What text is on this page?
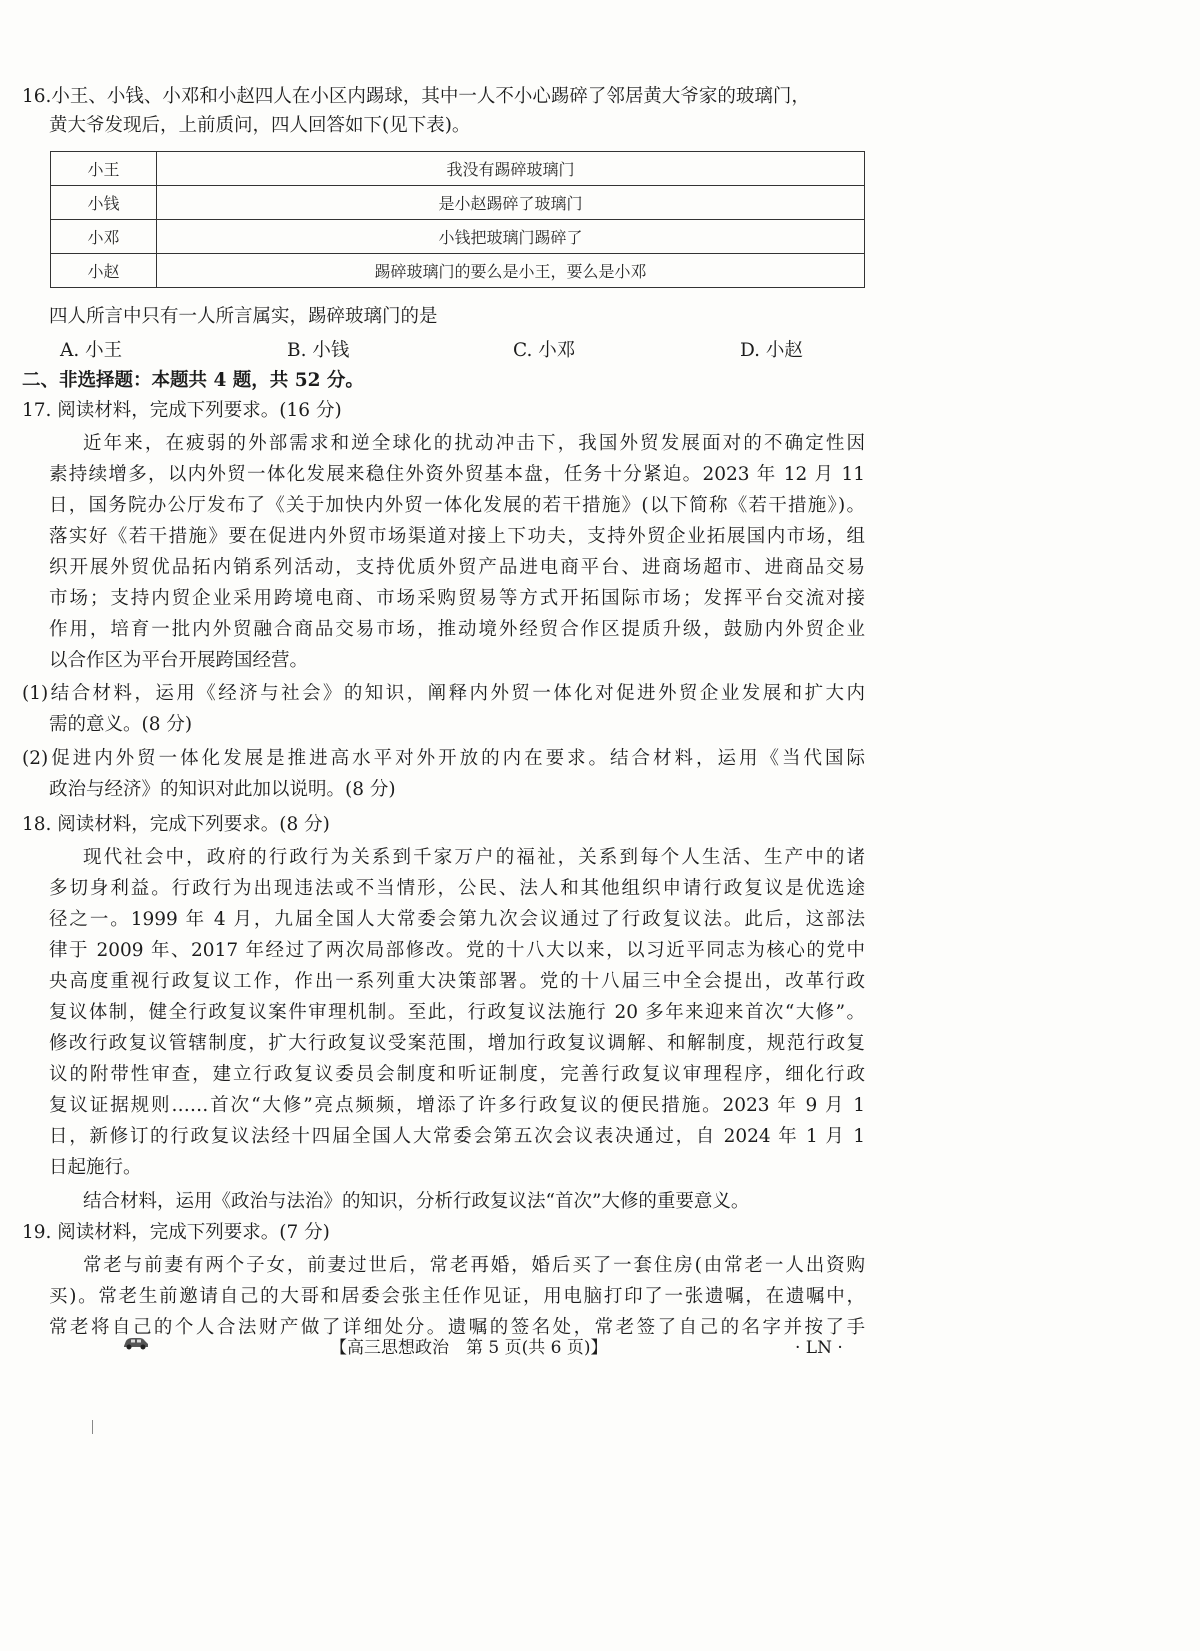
16.小王、小钱、小邓和小赵四人在小区内踢球，其中一人不小心踢碎了邻居黄大爷家的玻璃门，
黄大爷发现后，上前质问，四人回答如下(见下表)。
小王	我没有踢碎玻璃门
小钱	是小赵踢碎了玻璃门
小邓	小钱把玻璃门踢碎了
小赵	踢碎玻璃门的要么是小王，要么是小邓
四人所言中只有一人所言属实，踢碎玻璃门的是
A. 小王	B. 小钱	C. 小邓	D. 小赵
二、非选择题：本题共 4 题，共 52 分。
17. 阅读材料，完成下列要求。(16 分)
近年来，在疲弱的外部需求和逆全球化的扰动冲击下，我国外贸发展面对的不确定性因
素持续增多，以内外贸一体化发展来稳住外资外贸基本盘，任务十分紧迫。2023 年 12 月 11
日，国务院办公厅发布了《关于加快内外贸一体化发展的若干措施》(以下简称《若干措施》)。
落实好《若干措施》要在促进内外贸市场渠道对接上下功夫，支持外贸企业拓展国内市场，组
织开展外贸优品拓内销系列活动，支持优质外贸产品进电商平台、进商场超市、进商品交易
市场；支持内贸企业采用跨境电商、市场采购贸易等方式开拓国际市场；发挥平台交流对接
作用，培育一批内外贸融合商品交易市场，推动境外经贸合作区提质升级，鼓励内外贸企业
以合作区为平台开展跨国经营。
(1)结合材料，运用《经济与社会》的知识，阐释内外贸一体化对促进外贸企业发展和扩大内
需的意义。(8 分)
(2)促进内外贸一体化发展是推进高水平对外开放的内在要求。结合材料，运用《当代国际
政治与经济》的知识对此加以说明。(8 分)
18. 阅读材料，完成下列要求。(8 分)
现代社会中，政府的行政行为关系到千家万户的福祉，关系到每个人生活、生产中的诸
多切身利益。行政行为出现违法或不当情形，公民、法人和其他组织申请行政复议是优选途
径之一。1999 年 4 月，九届全国人大常委会第九次会议通过了行政复议法。此后，这部法
律于 2009 年、2017 年经过了两次局部修改。党的十八大以来，以习近平同志为核心的党中
央高度重视行政复议工作，作出一系列重大决策部署。党的十八届三中全会提出，改革行政
复议体制，健全行政复议案件审理机制。至此，行政复议法施行 20 多年来迎来首次“大修”。
修改行政复议管辖制度，扩大行政复议受案范围，增加行政复议调解、和解制度，规范行政复
议的附带性审查，建立行政复议委员会制度和听证制度，完善行政复议审理程序，细化行政
复议证据规则……首次“大修”亮点频频，增添了许多行政复议的便民措施。2023 年 9 月 1
日，新修订的行政复议法经十四届全国人大常委会第五次会议表决通过，自 2024 年 1 月 1
日起施行。
结合材料，运用《政治与法治》的知识，分析行政复议法“首次”大修的重要意义。
19. 阅读材料，完成下列要求。(7 分)
常老与前妻有两个子女，前妻过世后，常老再婚，婚后买了一套住房(由常老一人出资购
买)。常老生前邀请自己的大哥和居委会张主任作见证，用电脑打印了一张遗嘱，在遗嘱中，
常老将自己的个人合法财产做了详细处分。遗嘱的签名处，常老签了自己的名字并按了手
【高三思想政治　第 5 页(共 6 页)】	· LN ·
